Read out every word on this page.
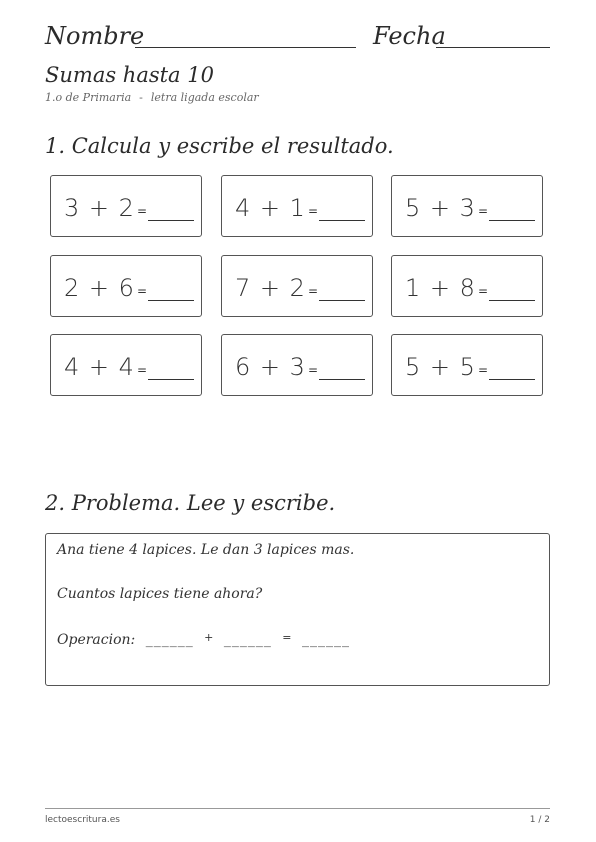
Nombre	Fecha
Sumas hasta 10
1.o de Primaria - letra ligada escolar
1. Calcula y escribe el resultado.
3 + 2 =	4 + 1 =	5 + 3 =
2 + 6 =	7 + 2 =	1 + 8 =
4 + 4 =	6 + 3 =	5 + 5 =
2. Problema. Lee y escribe.
Ana tiene 4 lapices. Le dan 3 lapices mas.
Cuantos lapices tiene ahora?
Operacion: ______ + ______ = ______
lectoescritura.es	1 / 2
